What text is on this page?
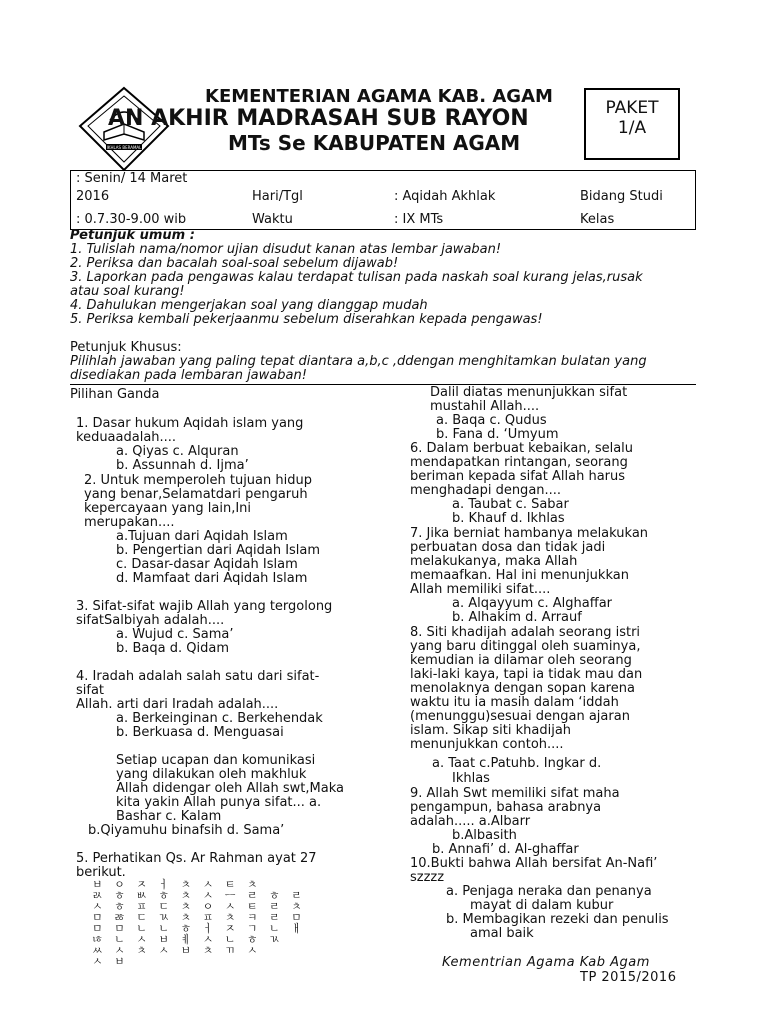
IKHLAS BERAMAL
KEMENTERIAN AGAMA KAB. AGAM
AN AKHIR MADRASAH SUB RAYON
MTs Se KABUPATEN AGAM
PAKET
1/A
: Senin/ 14 Maret
2016	Hari/Tgl	: Aqidah Akhlak	Bidang Studi
: 0.7.30-9.00 wib	Waktu	: IX MTs	Kelas
Petunjuk umum :
1. Tulislah nama/nomor ujian disudut kanan atas lembar jawaban!
2. Periksa dan bacalah soal-soal sebelum dijawab!
3. Laporkan pada pengawas kalau terdapat tulisan pada naskah soal kurang jelas,rusak
atau soal kurang!
4. Dahulukan mengerjakan soal yang dianggap mudah
5. Periksa kembali pekerjaanmu sebelum diserahkan kepada pengawas!
Petunjuk Khusus:
Pilihlah jawaban yang paling tepat diantara a,b,c ,ddengan menghitamkan bulatan yang
disediakan pada lembaran jawaban!
Pilihan Ganda
1. Dasar hukum Aqidah islam yang
keduaadalah....
a. Qiyas c. Alquran
b. Assunnah d. Ijma’
2. Untuk memperoleh tujuan hidup
yang benar,Selamatdari pengaruh
kepercayaan yang lain,Ini
merupakan....
a.Tujuan dari Aqidah Islam
b. Pengertian dari Aqidah Islam
c. Dasar-dasar Aqidah Islam
d. Mamfaat dari Aqidah Islam
3. Sifat-sifat wajib Allah yang tergolong
sifatSalbiyah adalah....
a. Wujud c. Sama’
b. Baqa d. Qidam
4. Iradah adalah salah satu dari sifat-
sifat
Allah. arti dari Iradah adalah....
a. Berkeinginan c. Berkehendak
b. Berkuasa d. Menguasai
Setiap ucapan dan komunikasi
yang dilakukan oleh makhluk
Allah didengar oleh Allah swt,Maka
kita yakin Allah punya sifat... a.
Bashar c. Kalam
b.Qiyamuhu binafsih d. Sama’
5. Perhatikan Qs. Ar Rahman ayat 27
berikut.
ㅂ ㅇ ㅈ ㅓ ㅊ ㅅ ㅌ ㅊ
ㄽ ㅎ ㅄ ㅎ ㅊ ㅅ ㅡ ㄹ ㅎ ㄹ
ㅅ ㅎ ㅍ ㄷ ㅊ ㅇ ㅅ ㅌ ㄹ ㅊ
ㅁ ㅀ ㄷ ㄳ ㅊ ㅍ ㅊ ㅋ ㄹ ㅁ
ㅁ ㅁ ㄴ ㄴ ㅎ ㅓ ㅈ ㄱ ㄴ ㅐ
ㄶ ㄴ ㅅ ㅂ ㅖ ㅅ ㄴ ㅎ ㄳ
ㅆ ㅅ ㅊ ㅅ ㅂ ㅊ ㄲ ㅅ
ㅅ ㅂ
Dalil diatas menunjukkan sifat
mustahil Allah....
a. Baqa c. Qudus
b. Fana d. ‘Umyum
6. Dalam berbuat kebaikan, selalu
mendapatkan rintangan, seorang
beriman kepada sifat Allah harus
menghadapi dengan....
a. Taubat c. Sabar
b. Khauf d. Ikhlas
7. Jika berniat hambanya melakukan
perbuatan dosa dan tidak jadi
melakukanya, maka Allah
memaafkan. Hal ini menunjukkan
Allah memiliki sifat....
a. Alqayyum c. Alghaffar
b. Alhakim d. Arrauf
8. Siti khadijah adalah seorang istri
yang baru ditinggal oleh suaminya,
kemudian ia dilamar oleh seorang
laki-laki kaya, tapi ia tidak mau dan
menolaknya dengan sopan karena
waktu itu ia masih dalam ‘iddah
(menunggu)sesuai dengan ajaran
islam. Sikap siti khadijah
menunjukkan contoh....
a. Taat c.Patuhb. Ingkar d.
Ikhlas
9. Allah Swt memiliki sifat maha
pengampun, bahasa arabnya
adalah..... a.Albarr
b.Albasith
b. Annafi’ d. Al-ghaffar
10.Bukti bahwa Allah bersifat An-Nafi’
szzzz
a. Penjaga neraka dan penanya
mayat di dalam kubur
b. Membagikan rezeki dan penulis
amal baik
Kementrian Agama Kab Agam
TP 2015/2016
